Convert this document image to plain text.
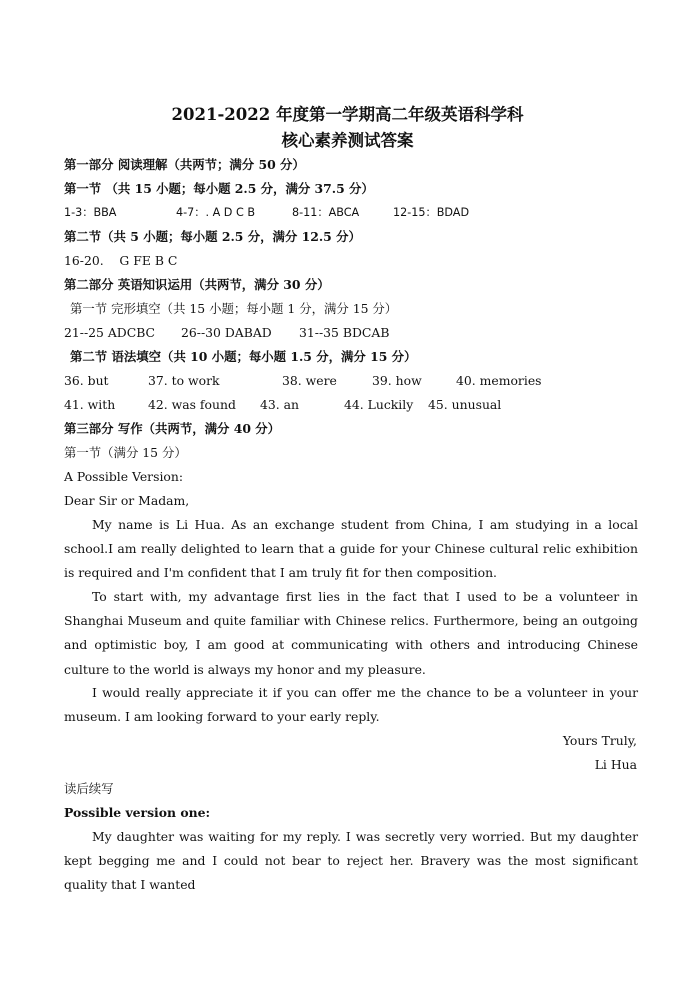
2021-2022 年度第一学期高二年级英语科学科
核心素养测试答案
第一部分 阅读理解（共两节；满分 50 分）
第一节 （共 15 小题；每小题 2.5 分，满分 37.5 分）
1-3：BBA	4-7：. A D C B	8-11：ABCA	12-15：BDAD
第二节（共 5 小题；每小题 2.5 分，满分 12.5 分）
16-20.    G FE B C
第二部分 英语知识运用（共两节，满分 30 分）
第一节 完形填空（共 15 小题；每小题 1 分，满分 15 分）
21--25 ADCBC 26--30 DABAD 31--35 BDCAB
第二节 语法填空（共 10 小题；每小题 1.5 分，满分 15 分）
36. but	37. to work	38. were	39. how	40. memories
41. with	42. was found 43. an	44. Luckily 45. unusual
第三部分 写作（共两节，满分 40 分）
第一节（满分 15 分）
A Possible Version:
Dear Sir or Madam,
My name is Li Hua. As an exchange student from China, I am studying in a local school.I am really delighted to learn that a guide for your Chinese cultural relic exhibition is required and I'm confident that I am truly fit for then composition.
To start with, my advantage first lies in the fact that I used to be a volunteer in Shanghai Museum and quite familiar with Chinese relics. Furthermore, being an outgoing and optimistic boy, I am good at communicating with others and introducing Chinese culture to the world is always my honor and my pleasure.
I would really appreciate it if you can offer me the chance to be a volunteer in your museum. I am looking forward to your early reply.
Yours Truly,
Li Hua
读后续写
Possible version one:
My daughter was waiting for my reply. I was secretly very worried. But my daughter kept begging me and I could not bear to reject her. Bravery was the most significant quality that I wanted
